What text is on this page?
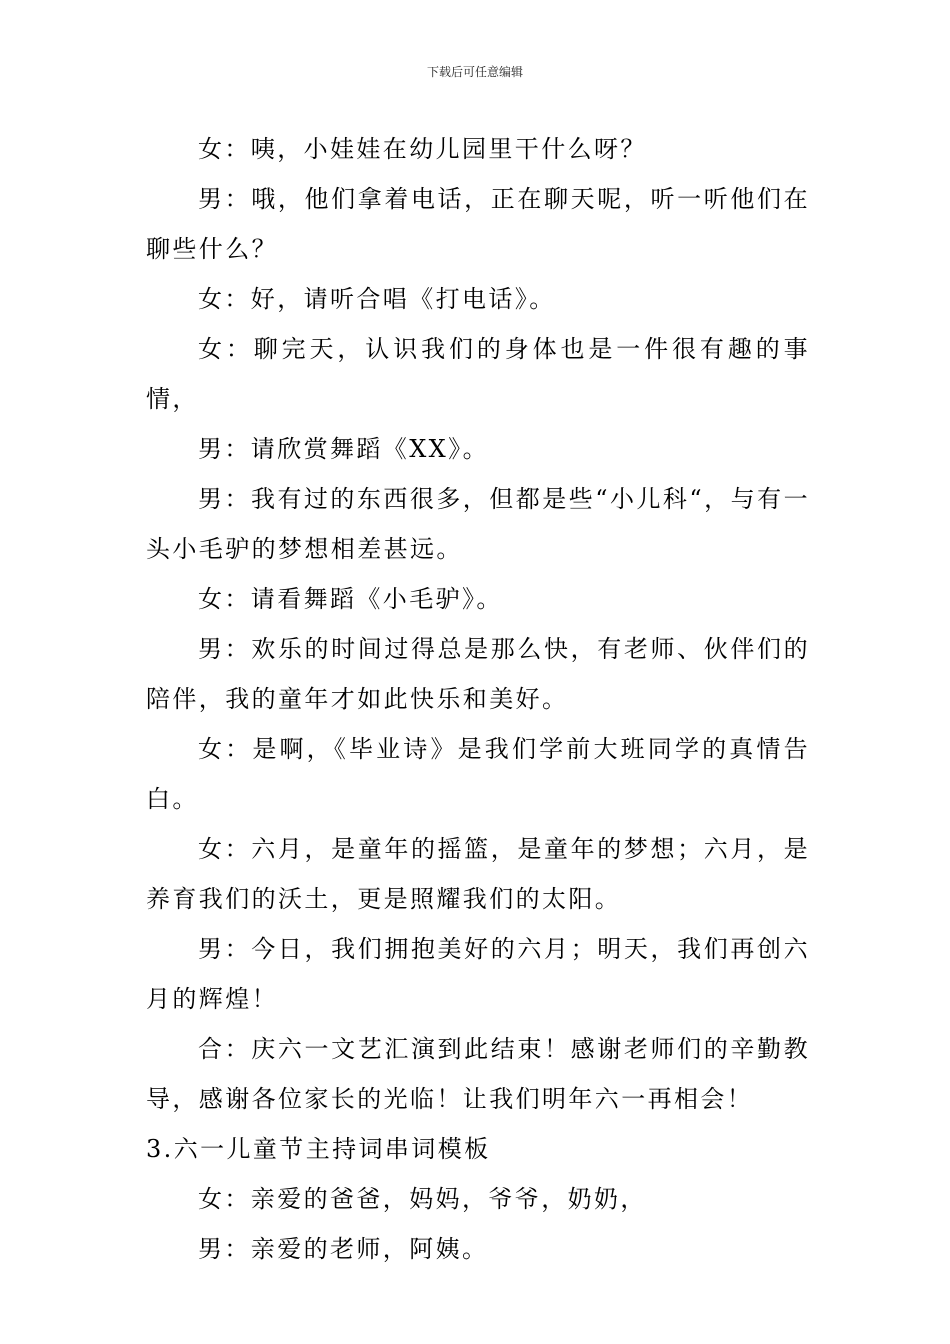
下载后可任意编辑

女：咦，小娃娃在幼儿园里干什么呀？

男：哦，他们拿着电话，正在聊天呢，听一听他们在聊些什么？

女：好，请听合唱《打电话》。

女：聊完天，认识我们的身体也是一件很有趣的事情，

男：请欣赏舞蹈《XX》。

男：我有过的东西很多，但都是些“小儿科“，与有一头小毛驴的梦想相差甚远。

女：请看舞蹈《小毛驴》。

男：欢乐的时间过得总是那么快，有老师、伙伴们的陪伴，我的童年才如此快乐和美好。

女：是啊，《毕业诗》是我们学前大班同学的真情告白。

女：六月，是童年的摇篮，是童年的梦想；六月，是养育我们的沃土，更是照耀我们的太阳。

男：今日，我们拥抱美好的六月；明天，我们再创六月的辉煌！

合：庆六一文艺汇演到此结束！感谢老师们的辛勤教导，感谢各位家长的光临！让我们明年六一再相会！

3.六一儿童节主持词串词模板

女：亲爱的爸爸，妈妈，爷爷，奶奶，

男：亲爱的老师，阿姨。
